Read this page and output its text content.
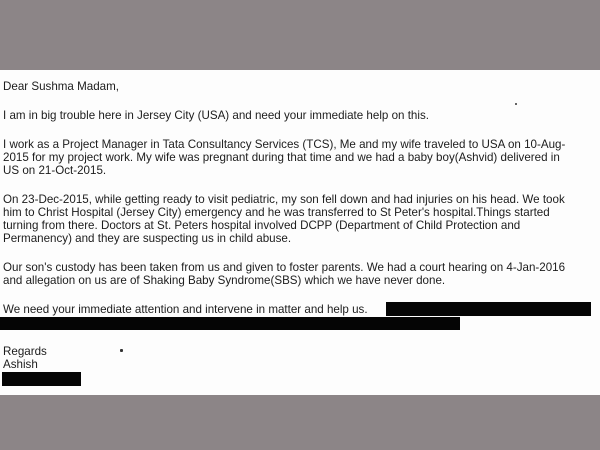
Dear Sushma Madam,
I am in big trouble here in Jersey City (USA) and need your immediate help on this.
I work as a Project Manager in Tata Consultancy Services (TCS), Me and my wife traveled to USA on 10-Aug-
2015 for my project work. My wife was pregnant during that time and we had a baby boy(Ashvid) delivered in
US on 21-Oct-2015.
On 23-Dec-2015, while getting ready to visit pediatric, my son fell down and had injuries on his head. We took
him to Christ Hospital (Jersey City) emergency and he was transferred to St Peter's hospital.Things started
turning from there. Doctors at St. Peters hospital involved DCPP (Department of Child Protection and
Permanency) and they are suspecting us in child abuse.
Our son's custody has been taken from us and given to foster parents. We had a court hearing on 4-Jan-2016
and allegation on us are of Shaking Baby Syndrome(SBS) which we have never done.
We need your immediate attention and intervene in matter and help us.
Regards
Ashish
